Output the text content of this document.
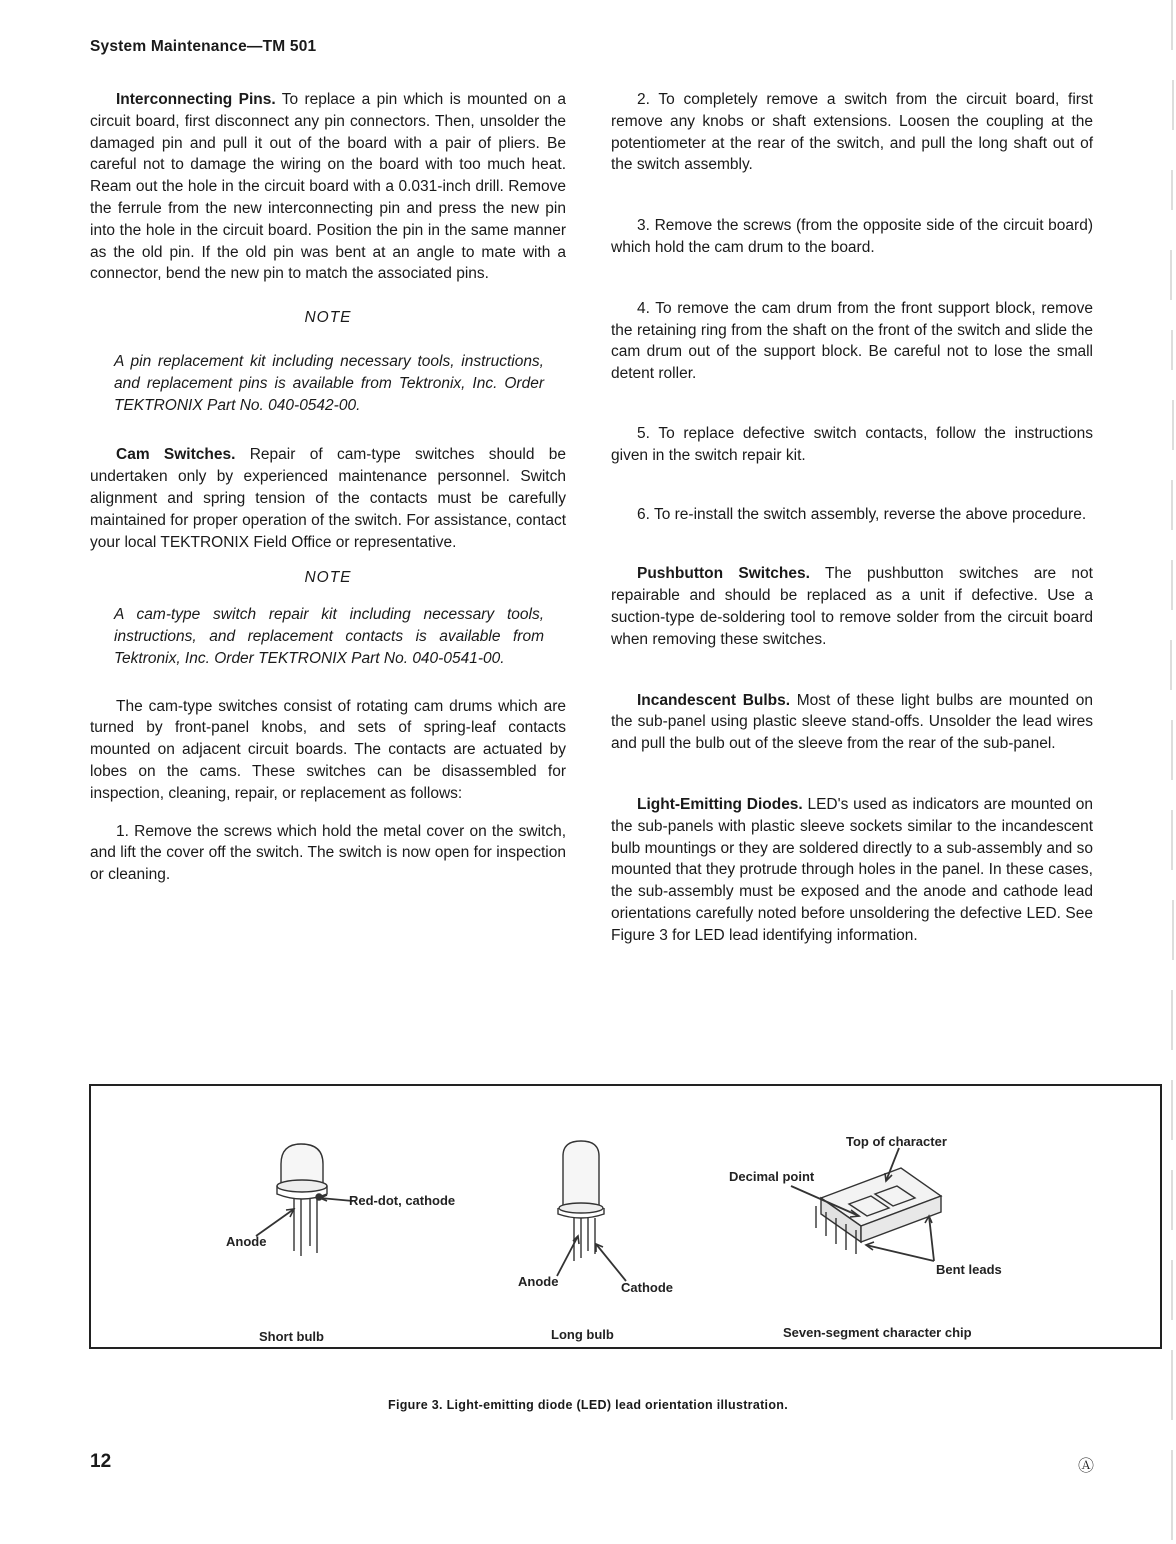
System Maintenance—TM 501

Interconnecting Pins. To replace a pin which is mounted on a circuit board, first disconnect any pin connectors. Then, unsolder the damaged pin and pull it out of the board with a pair of pliers. Be careful not to damage the wiring on the board with too much heat. Ream out the hole in the circuit board with a 0.031-inch drill. Remove the ferrule from the new interconnecting pin and press the new pin into the hole in the circuit board. Position the pin in the same manner as the old pin. If the old pin was bent at an angle to mate with a connector, bend the new pin to match the associated pins.

NOTE

A pin replacement kit including necessary tools, instructions, and replacement pins is available from Tektronix, Inc. Order TEKTRONIX Part No. 040-0542-00.

Cam Switches. Repair of cam-type switches should be undertaken only by experienced maintenance personnel. Switch alignment and spring tension of the contacts must be carefully maintained for proper operation of the switch. For assistance, contact your local TEKTRONIX Field Office or representative.

NOTE

A cam-type switch repair kit including necessary tools, instructions, and replacement contacts is available from Tektronix, Inc. Order TEKTRONIX Part No. 040-0541-00.

The cam-type switches consist of rotating cam drums which are turned by front-panel knobs, and sets of spring-leaf contacts mounted on adjacent circuit boards. The contacts are actuated by lobes on the cams. These switches can be disassembled for inspection, cleaning, repair, or replacement as follows:

1. Remove the screws which hold the metal cover on the switch, and lift the cover off the switch. The switch is now open for inspection or cleaning.

2. To completely remove a switch from the circuit board, first remove any knobs or shaft extensions. Loosen the coupling at the potentiometer at the rear of the switch, and pull the long shaft out of the switch assembly.

3. Remove the screws (from the opposite side of the circuit board) which hold the cam drum to the board.

4. To remove the cam drum from the front support block, remove the retaining ring from the shaft on the front of the switch and slide the cam drum out of the support block. Be careful not to lose the small detent roller.

5. To replace defective switch contacts, follow the instructions given in the switch repair kit.

6. To re-install the switch assembly, reverse the above procedure.

Pushbutton Switches. The pushbutton switches are not repairable and should be replaced as a unit if defective. Use a suction-type de-soldering tool to remove solder from the circuit board when removing these switches.

Incandescent Bulbs. Most of these light bulbs are mounted on the sub-panel using plastic sleeve stand-offs. Unsolder the lead wires and pull the bulb out of the sleeve from the rear of the sub-panel.

Light-Emitting Diodes. LED's used as indicators are mounted on the sub-panels with plastic sleeve sockets similar to the incandescent bulb mountings or they are soldered directly to a sub-assembly and so mounted that they protrude through holes in the panel. In these cases, the sub-assembly must be exposed and the anode and cathode lead orientations carefully noted before unsoldering the defective LED. See Figure 3 for LED lead identifying information.

Red-dot, cathode
Anode
Short bulb
Anode	Cathode
Long bulb
Top of character
Decimal point
Bent leads
Seven-segment character chip
Figure 3. Light-emitting diode (LED) lead orientation illustration.
12	Ⓐ
